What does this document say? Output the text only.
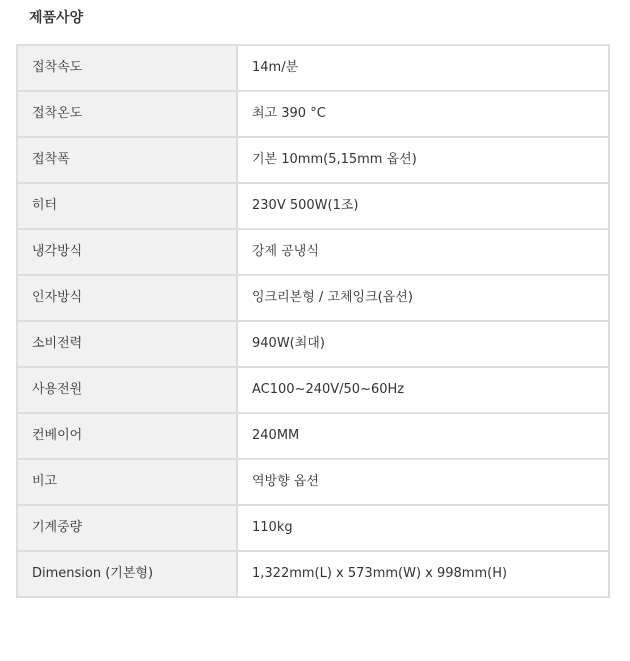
제품사양
접착속도	14m/분
접착온도	최고 390 °C
접착폭	기본 10mm(5,15mm 옵션)
히터	230V 500W(1조)
냉각방식	강제 공냉식
인자방식	잉크리본형 / 고체잉크(옵션)
소비전력	940W(최대)
사용전원	AC100~240V/50~60Hz
컨베이어	240MM
비고	역방향 옵션
기계중량	110kg
Dimension (기본형)	1,322mm(L) x 573mm(W) x 998mm(H)
